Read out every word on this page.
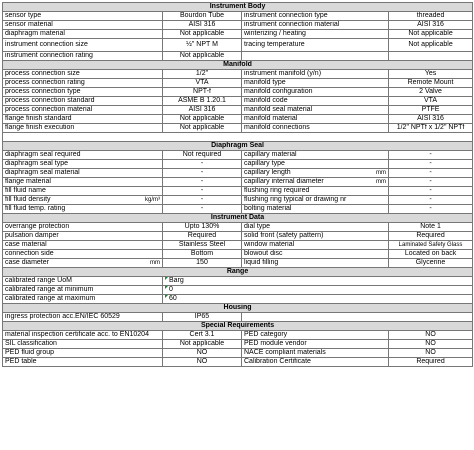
Instrument Body			
sensor type	Bourdon Tube	instrument connection type	threaded
sensor material	AISI 316	instrument connection material	AISI 316
diaphragm material	Not applicable	winterizing / heating	Not applicable
instrument connection size	½" NPT M	tracing temperature	Not applicable
instrument connection rating	Not applicable		
Manifold			
process connection size	1/2"	instrument manifold (y/n)	Yes
process connection rating	VTA	manifold type	Remote Mount
process connection type	NPT-f	manifold configuration	2 Valve
process connection standard	ASME B 1.20.1	manifold code	VTA
process connection material	AISI 316	manifold seal material	PTFE
flange finish standard	Not applicable	manifold material	AISI 316
flange finish execution	Not applicable	manifold connections	1/2" NPTf x 1/2" NPTf

Diaphragm Seal			
diaphragm seal required	Not required	capillary material	-
diaphragm seal type	-	capillary type	-
diaphragm seal material	-	capillary length mm	-
flange material	-	capillary internal diameter mm	-
fill fluid name	-	flushing ring required	-
fill fluid density kg/m³	-	flushing ring typical or drawing nr	-
fill fluid temp. rating	-	bolting material	-
Instrument Data			
overrange protection	Upto 130%	dial type	Note 1
pulsation damper	Required	solid front (safety pattern)	Required
case material	Stainless Steel	window material	Laminated Safety Glass
connection side	Bottom	blowout disc	Located on back
case diameter mm	150	liquid filling	Glycerine
Range			
calibrated range UoM	Barg		
calibrated range at minimum	0		
calibrated range at maximum	60		
Housing			
ingress protection acc.EN/IEC 60529	IP65		
Special Requirements			
material inspection certificate acc. to EN10204	Cert 3.1	PED category	NO
SIL classification	Not applicable	PED module vendor	NO
PED fluid group	NO	NACE compliant materials	NO
PED table	NO	Calibration Certificate	Required
